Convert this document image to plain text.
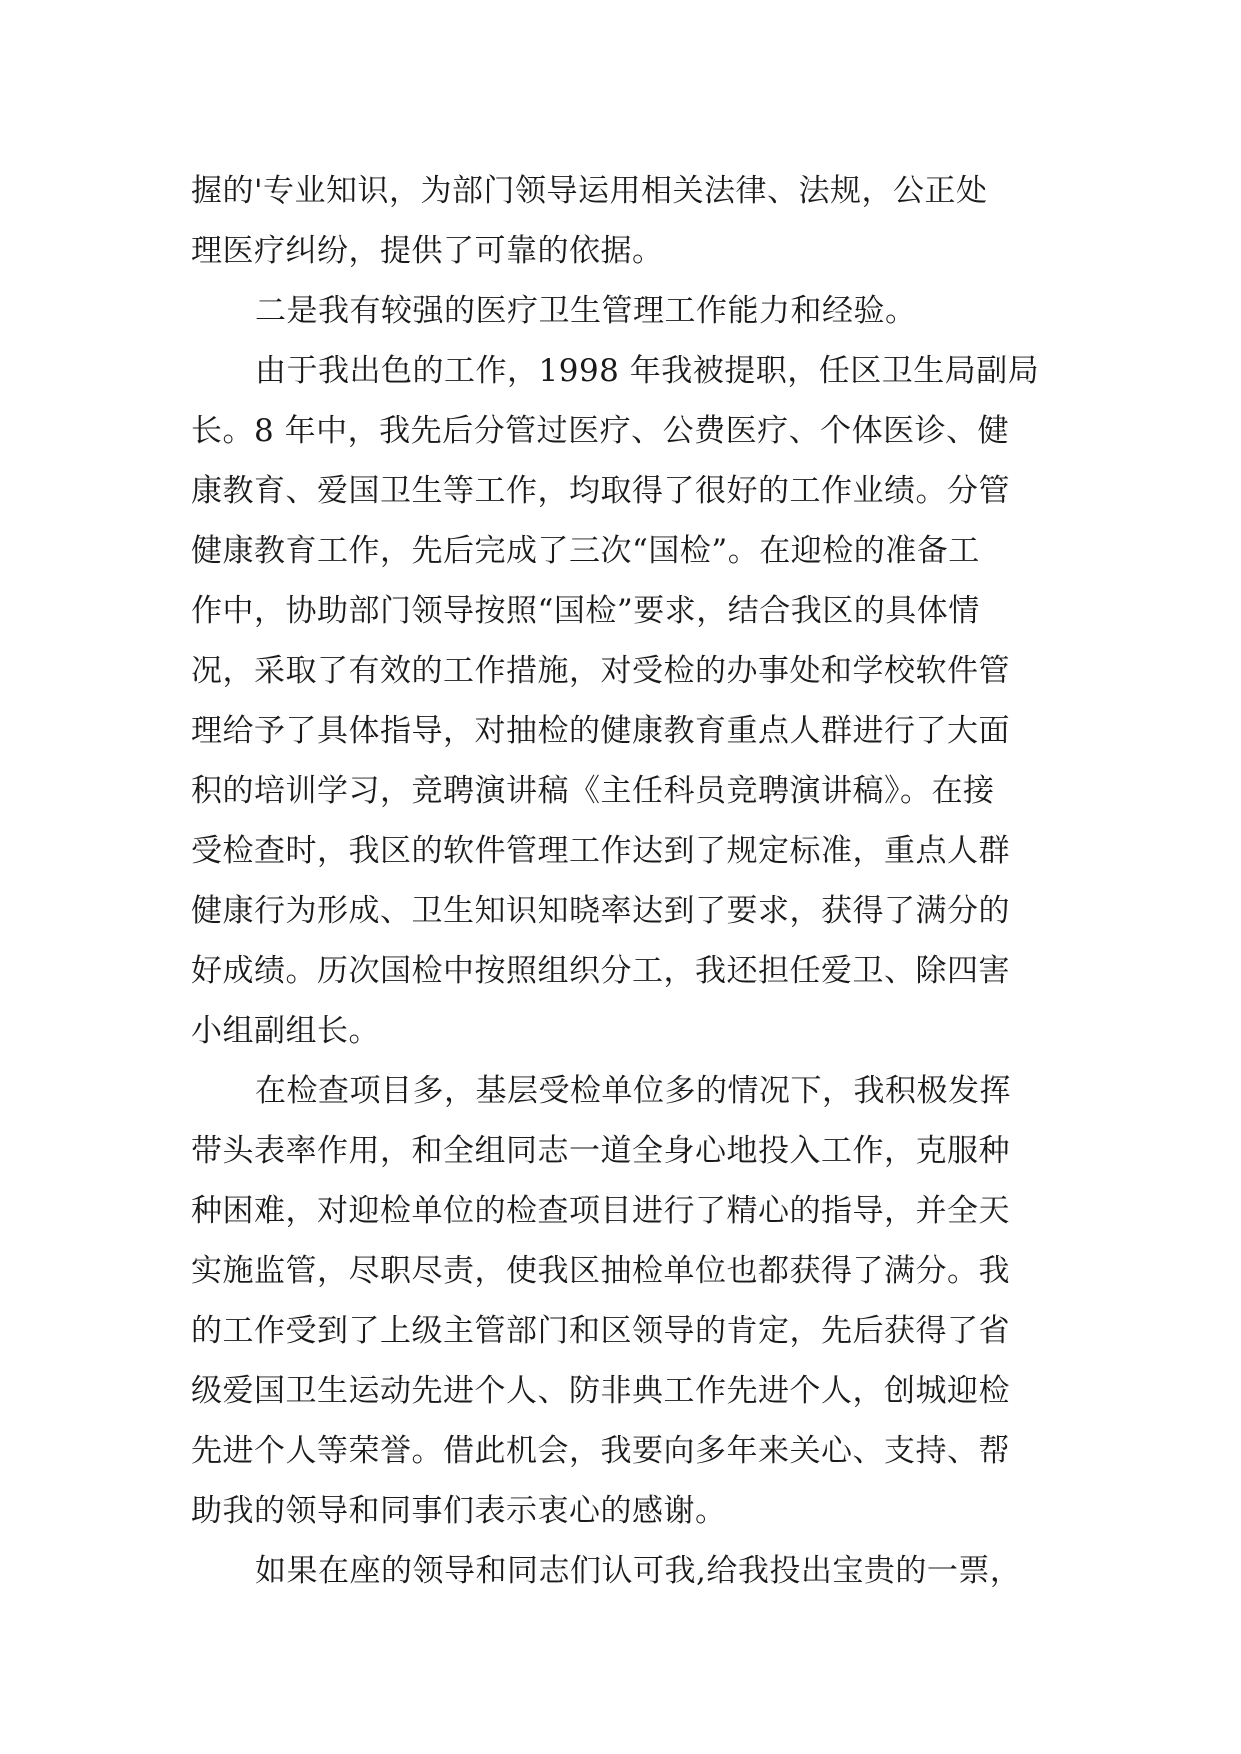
握的'专业知识，为部门领导运用相关法律、法规，公正处
理医疗纠纷，提供了可靠的依据。
二是我有较强的医疗卫生管理工作能力和经验。
由于我出色的工作，1998 年我被提职，任区卫生局副局
长。8 年中，我先后分管过医疗、公费医疗、个体医诊、健
康教育、爱国卫生等工作，均取得了很好的工作业绩。分管
健康教育工作，先后完成了三次“国检”。在迎检的准备工
作中，协助部门领导按照“国检”要求，结合我区的具体情
况，采取了有效的工作措施，对受检的办事处和学校软件管
理给予了具体指导，对抽检的健康教育重点人群进行了大面
积的培训学习，竞聘演讲稿《主任科员竞聘演讲稿》。在接
受检查时，我区的软件管理工作达到了规定标准，重点人群
健康行为形成、卫生知识知晓率达到了要求，获得了满分的
好成绩。历次国检中按照组织分工，我还担任爱卫、除四害
小组副组长。
在检查项目多，基层受检单位多的情况下，我积极发挥
带头表率作用，和全组同志一道全身心地投入工作，克服种
种困难，对迎检单位的检查项目进行了精心的指导，并全天
实施监管，尽职尽责，使我区抽检单位也都获得了满分。我
的工作受到了上级主管部门和区领导的肯定，先后获得了省
级爱国卫生运动先进个人、防非典工作先进个人，创城迎检
先进个人等荣誉。借此机会，我要向多年来关心、支持、帮
助我的领导和同事们表示衷心的感谢。
如果在座的领导和同志们认可我,给我投出宝贵的一票，
